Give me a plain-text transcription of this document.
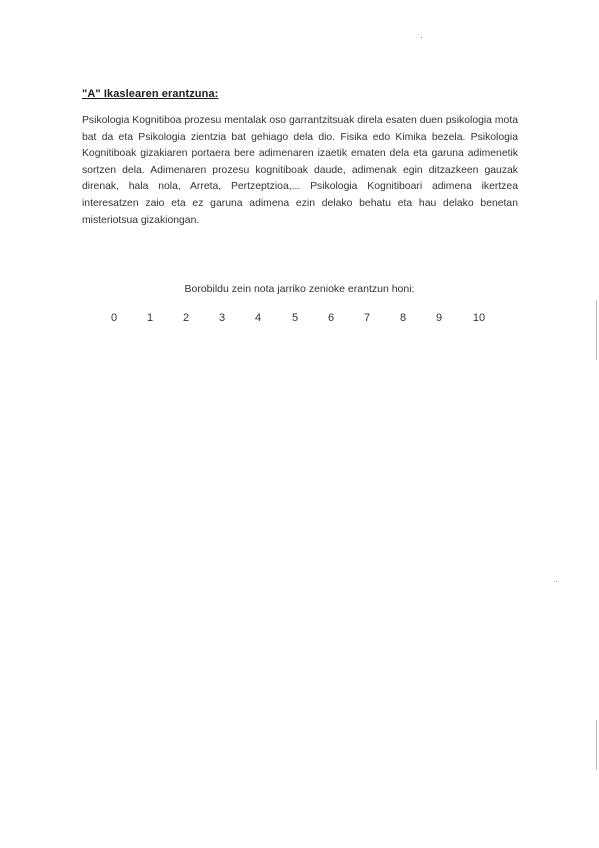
"A" Ikaslearen erantzuna:

Psikologia Kognitiboa prozesu mentalak oso garrantzitsuak direla esaten duen psikologia mota bat da eta Psikologia zientzia bat gehiago dela dio. Fisika edo Kimika bezela. Psikologia Kognitiboak gizakiaren portaera bere adimenaren izaetik ematen dela eta garuna adimenetik sortzen dela. Adimenaren prozesu kognitiboak daude, adimenak egin ditzazkeen gauzak direnak, hala nola, Arreta, Pertzeptzioa,... Psikologia Kognitiboari adimena ikertzea interesatzen zaio eta ez garuna adimena ezin delako behatu eta hau delako benetan misteriotsua gizakiongan.

Borobildu zein nota jarriko zenioke erantzun honi:
0	1	2	3	4	5	6	7	8	9	10
